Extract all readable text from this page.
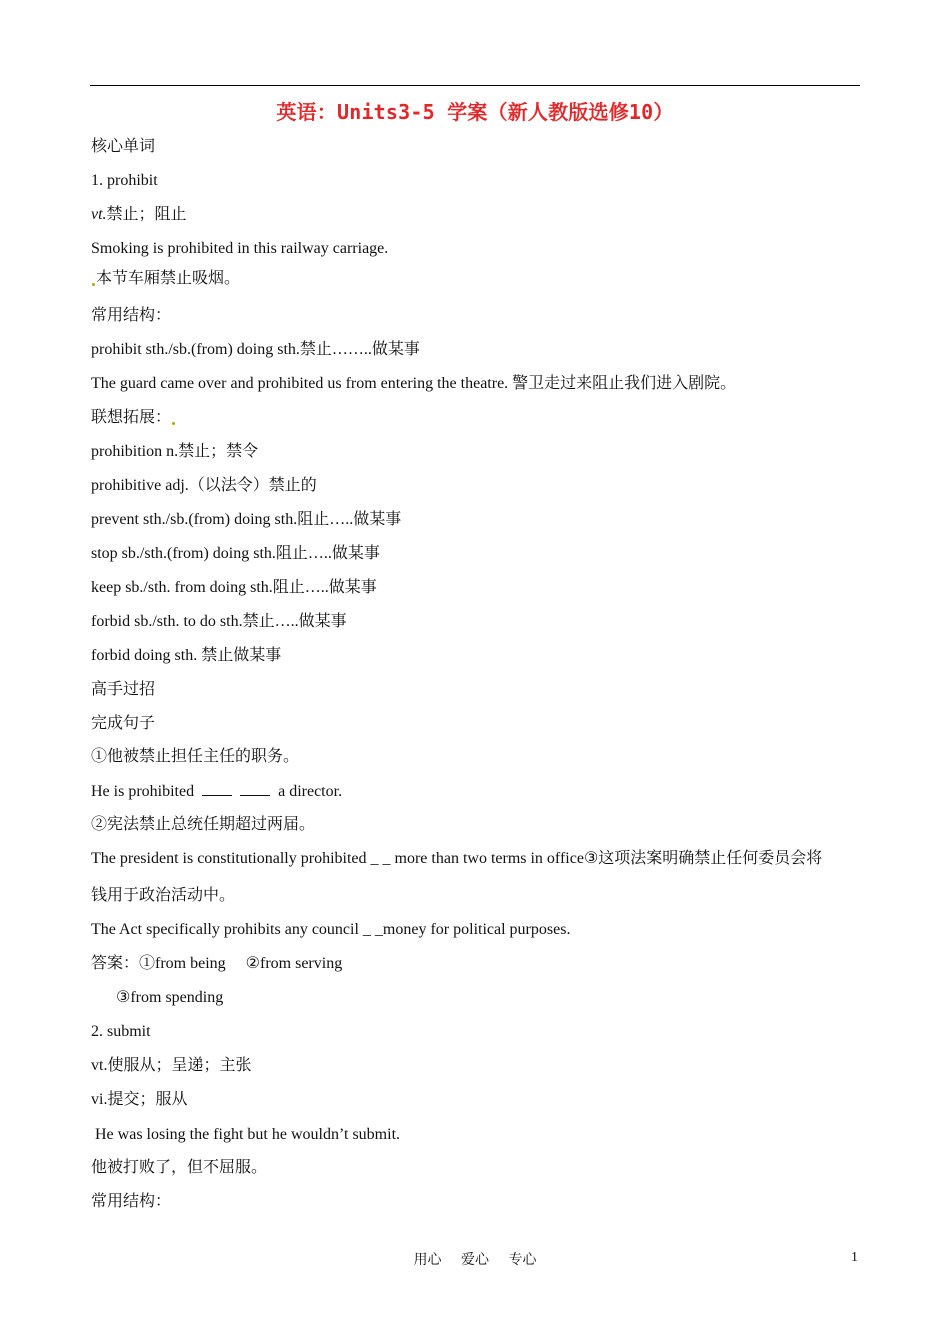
英语：Units3-5 学案（新人教版选修10）
核心单词
1. prohibit
vt.禁止；阻止
Smoking is prohibited in this railway carriage.
本节车厢禁止吸烟。
常用结构：
prohibit sth./sb.(from) doing sth.禁止……..做某事
The guard came over and prohibited us from entering the theatre. 警卫走过来阻止我们进入剧院。
联想拓展：
prohibition n.禁止；禁令
prohibitive adj.（以法令）禁止的
prevent sth./sb.(from) doing sth.阻止…..做某事
stop sb./sth.(from) doing sth.阻止…..做某事
keep sb./sth. from doing sth.阻止…..做某事
forbid sb./sth. to do sth.禁止…..做某事
forbid doing sth. 禁止做某事
高手过招
完成句子
①他被禁止担任主任的职务。
He is prohibited	a director.
②宪法禁止总统任期超过两届。
The president is constitutionally prohibited _ _ more than two terms in office③这项法案明确禁止任何委员会将
钱用于政治活动中。
The Act specifically prohibits any council _ _money for political purposes.
答案：①from being ②from serving
③from spending
2. submit
vt.使服从；呈递；主张
vi.提交；服从
He was losing the fight but he wouldn’t submit.
他被打败了，但不屈服。
常用结构：
用心 爱心 专心	1
